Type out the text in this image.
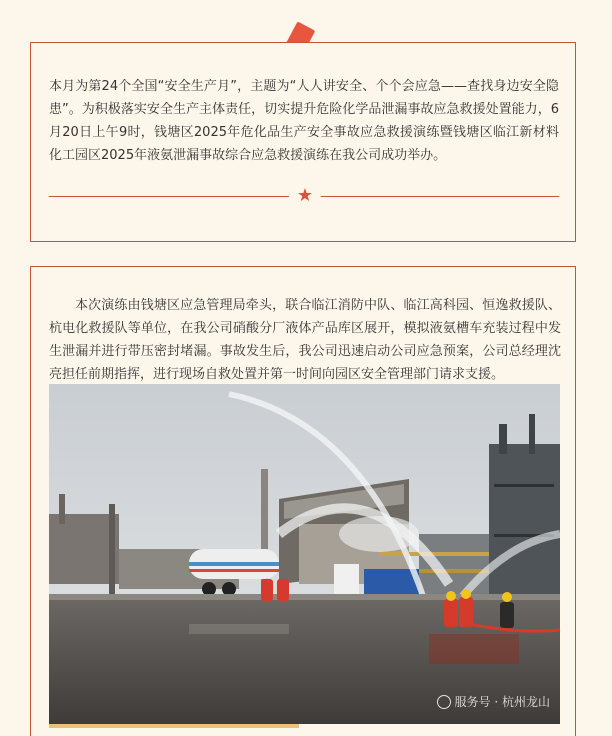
本月为第24个全国“安全生产月”，主题为“人人讲安全、个个会应急——查找身边安全隐患”。为积极落实安全生产主体责任，切实提升危险化学品泄漏事故应急救援处置能力，6月20日上午9时，钱塘区2025年危化品生产安全事故应急救援演练暨钱塘区临江新材料化工园区2025年液氨泄漏事故综合应急救援演练在我公司成功举办。

★

本次演练由钱塘区应急管理局牵头，联合临江消防中队、临江高科园、恒逸救援队、杭电化救援队等单位，在我公司硝酸分厂液体产品库区展开，模拟液氨槽车充装过程中发生泄漏并进行带压密封堵漏。事故发生后，我公司迅速启动公司应急预案，公司总经理沈亮担任前期指挥，进行现场自救处置并第一时间向园区安全管理部门请求支援。

服务号 · 杭州龙山
